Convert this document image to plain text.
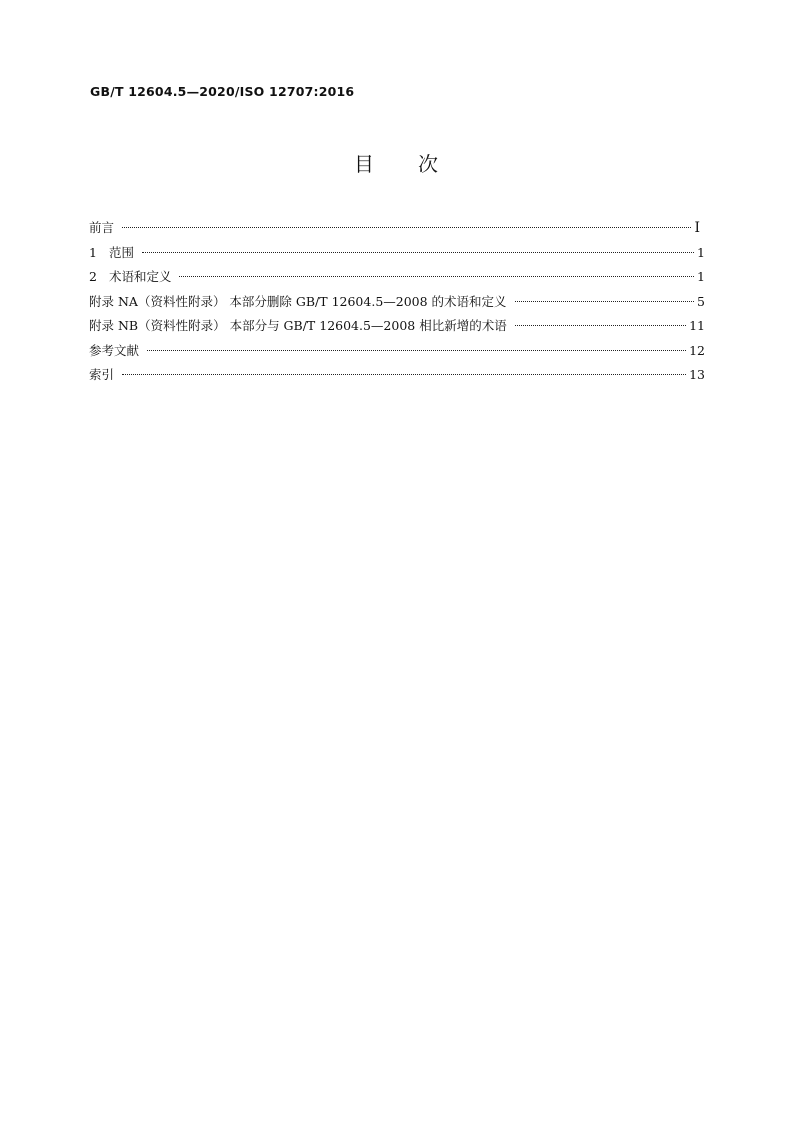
GB/T 12604.5—2020/ISO 12707:2016
目 次
前言	I
1 范围	1
2 术语和定义	1
附录 NA（资料性附录） 本部分删除 GB/T 12604.5—2008 的术语和定义	5
附录 NB（资料性附录） 本部分与 GB/T 12604.5—2008 相比新增的术语	11
参考文献	12
索引	13
